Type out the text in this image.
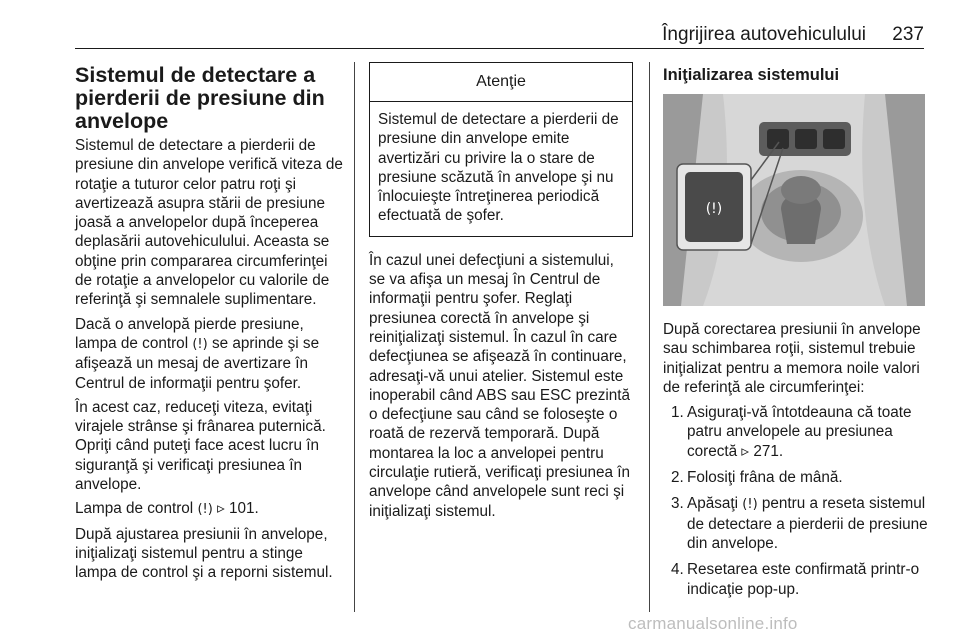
Îngrijirea autovehiculului 237
Sistemul de detectare a pierderii de presiune din anvelope

Sistemul de detectare a pierderii de presiune din anvelope verifică viteza de rotaţie a tuturor celor patru roţi şi avertizează asupra stării de presiune joasă a anvelopelor după începerea deplasării autovehiculului. Aceasta se obţine prin compararea circumferinţei de rotaţie a anvelopelor cu valorile de referinţă şi semnalele suplimentare.

Dacă o anvelopă pierde presiune, lampa de control (!) se aprinde şi se afişează un mesaj de avertizare în Centrul de informaţii pentru şofer.

În acest caz, reduceţi viteza, evitaţi virajele strânse şi frânarea puternică. Opriţi când puteţi face acest lucru în siguranţă şi verificaţi presiunea în anvelope.

Lampa de control (!) ▹ 101.

După ajustarea presiunii în anvelope, iniţializaţi sistemul pentru a stinge lampa de control şi a reporni sistemul.

Atenţie
Sistemul de detectare a pierderii de presiune din anvelope emite avertizări cu privire la o stare de presiune scăzută în anvelope şi nu înlocuieşte întreţinerea periodică efectuată de şofer.

În cazul unei defecţiuni a sistemului, se va afişa un mesaj în Centrul de informaţii pentru şofer. Reglaţi presiunea corectă în anvelope şi reiniţializaţi sistemul. În cazul în care defecţiunea se afişează în continuare, adresaţi-vă unui atelier. Sistemul este inoperabil când ABS sau ESC prezintă o defecţiune sau când se foloseşte o roată de rezervă temporară. După montarea la loc a anvelopei pentru circulaţie rutieră, verificaţi presiunea în anvelope când anvelopele sunt reci şi iniţializaţi sistemul.

Iniţializarea sistemului
(!)

După corectarea presiunii în anvelope sau schimbarea roţii, sistemul trebuie iniţializat pentru a memora noile valori de referinţă ale circumferinţei:

1. Asiguraţi-vă întotdeauna că toate patru anvelopele au presiunea corectă ▹ 271.
2. Folosiţi frâna de mână.
3. Apăsaţi (!) pentru a reseta sistemul de detectare a pierderii de presiune din anvelope.
4. Resetarea este confirmată printr-o indicaţie pop-up.
carmanualsonline.info
